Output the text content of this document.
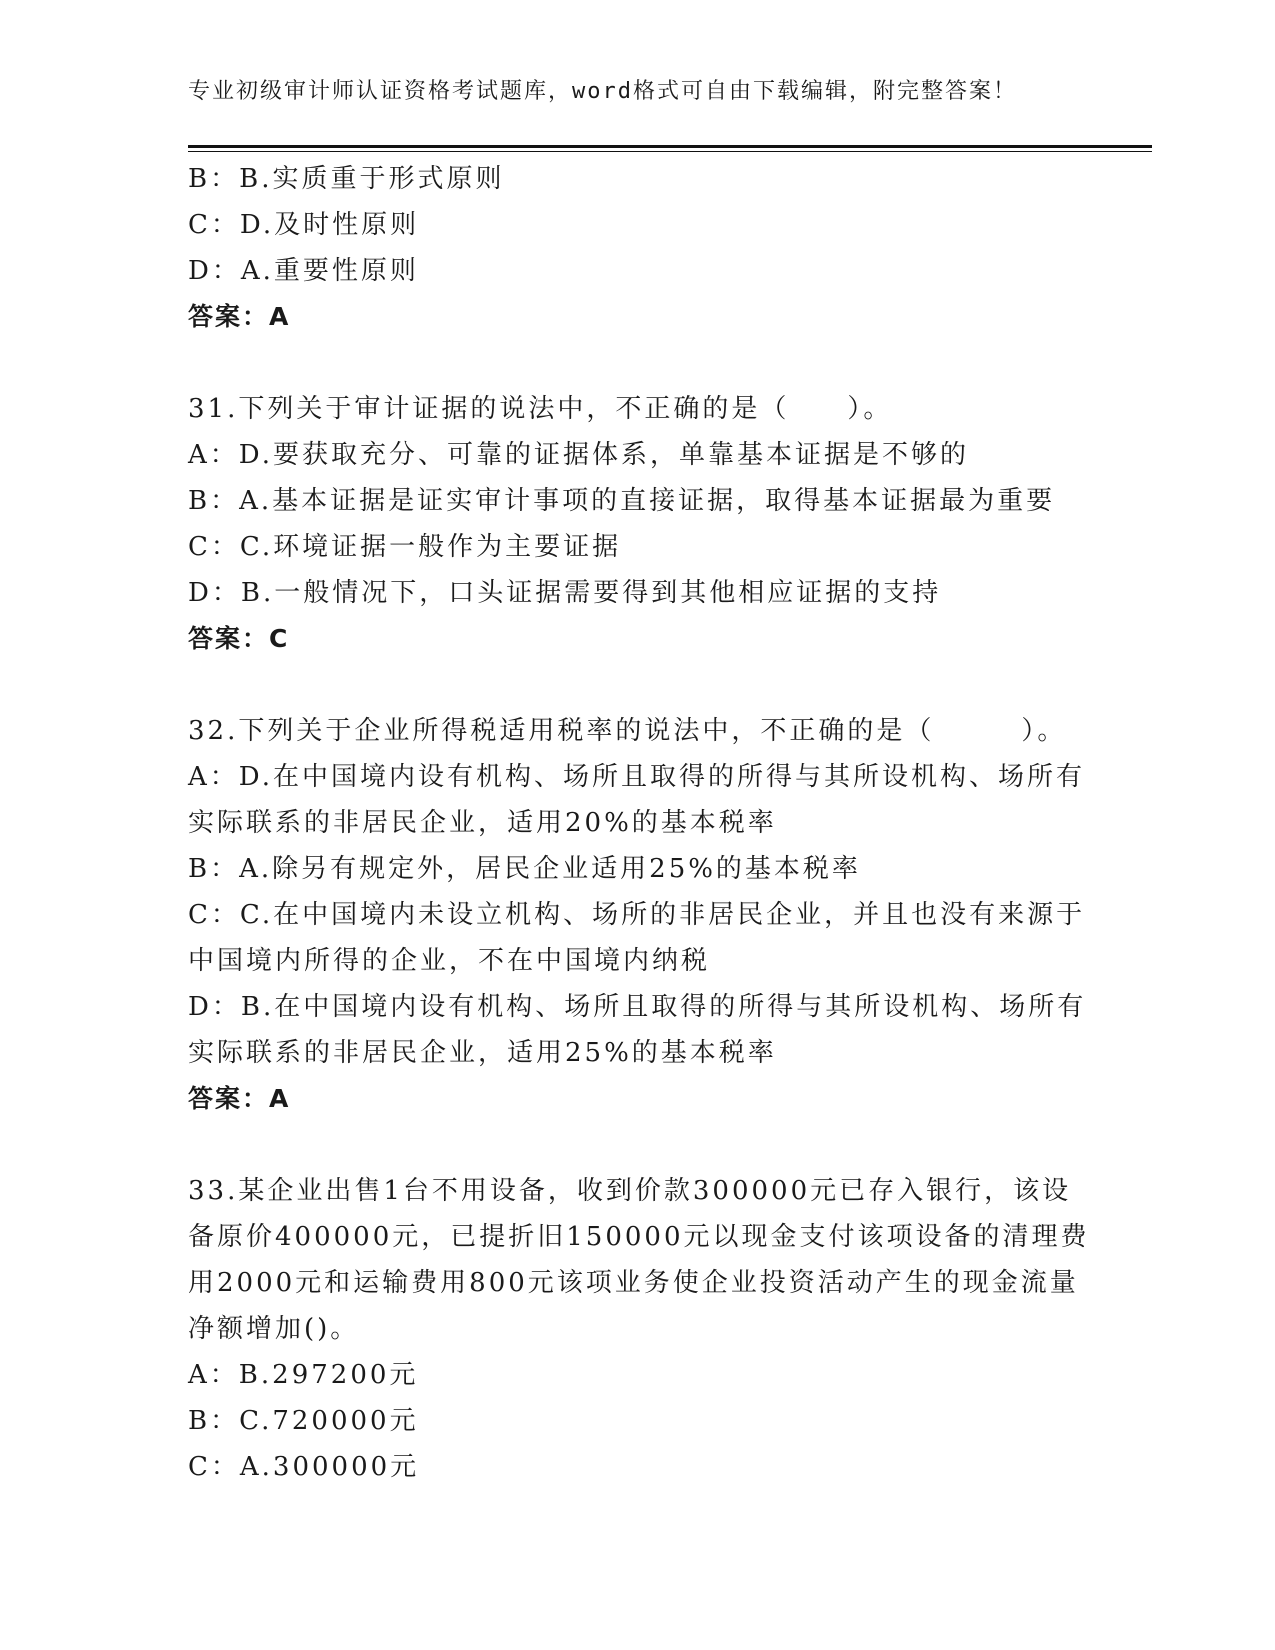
专业初级审计师认证资格考试题库，word格式可自由下载编辑，附完整答案！
B：B.实质重于形式原则
C：D.及时性原则
D：A.重要性原则
答案：A
31.下列关于审计证据的说法中，不正确的是（　　）。
A：D.要获取充分、可靠的证据体系，单靠基本证据是不够的
B：A.基本证据是证实审计事项的直接证据，取得基本证据最为重要
C：C.环境证据一般作为主要证据
D：B.一般情况下，口头证据需要得到其他相应证据的支持
答案：C
32.下列关于企业所得税适用税率的说法中，不正确的是（　　　）。
A：D.在中国境内设有机构、场所且取得的所得与其所设机构、场所有
实际联系的非居民企业，适用20%的基本税率
B：A.除另有规定外，居民企业适用25%的基本税率
C：C.在中国境内未设立机构、场所的非居民企业，并且也没有来源于
中国境内所得的企业，不在中国境内纳税
D：B.在中国境内设有机构、场所且取得的所得与其所设机构、场所有
实际联系的非居民企业，适用25%的基本税率
答案：A
33.某企业出售1台不用设备，收到价款300000元已存入银行，该设
备原价400000元，已提折旧150000元以现金支付该项设备的清理费
用2000元和运输费用800元该项业务使企业投资活动产生的现金流量
净额增加()。
A：B.297200元
B：C.720000元
C：A.300000元
